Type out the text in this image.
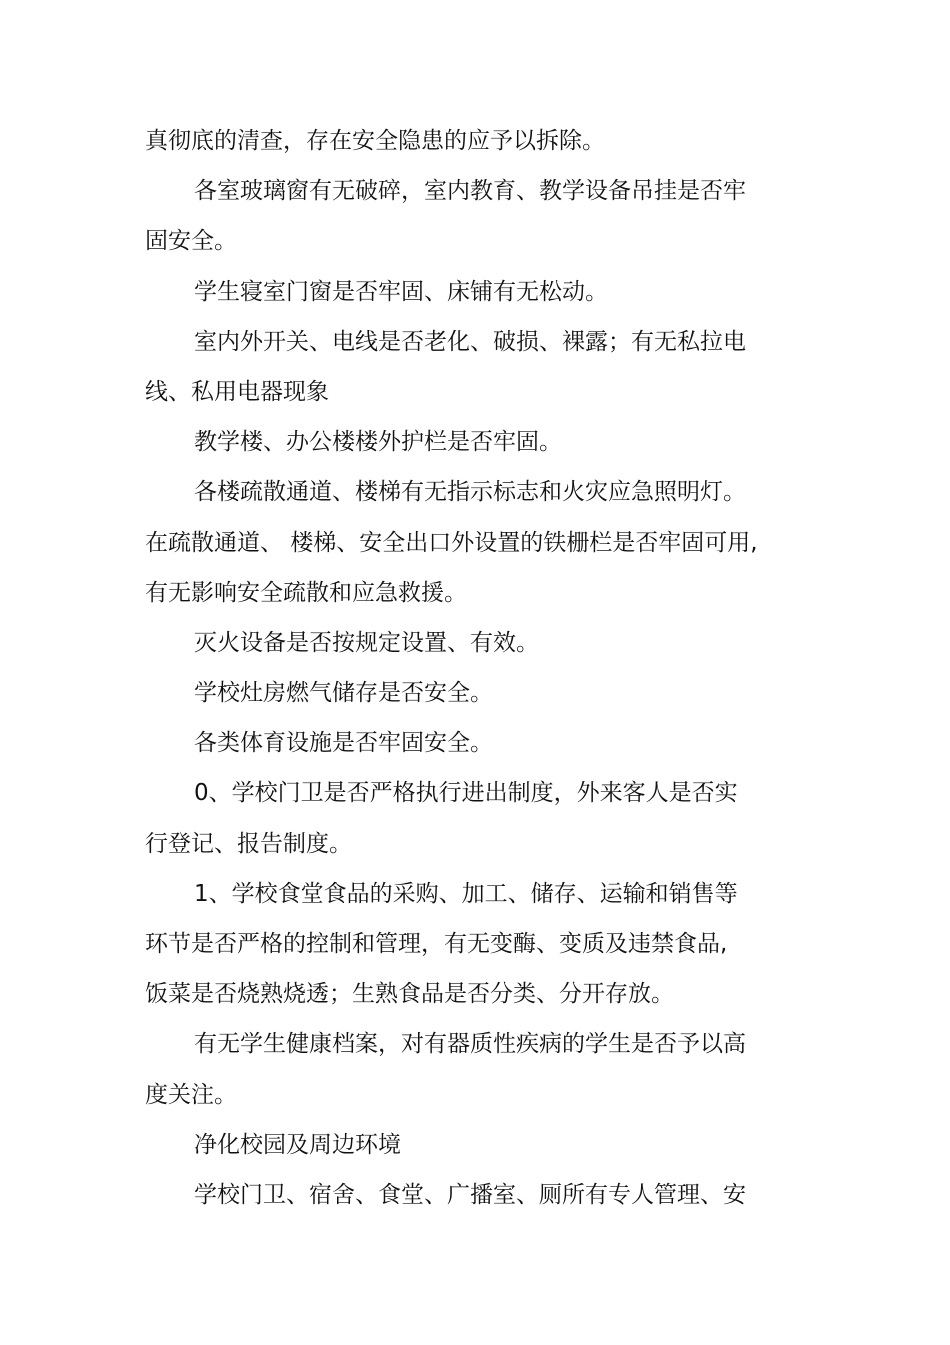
真彻底的清查，存在安全隐患的应予以拆除。
各室玻璃窗有无破碎，室内教育、教学设备吊挂是否牢
固安全。
学生寝室门窗是否牢固、床铺有无松动。
室内外开关、电线是否老化、破损、裸露；有无私拉电
线、私用电器现象
教学楼、办公楼楼外护栏是否牢固。
各楼疏散通道、楼梯有无指示标志和火灾应急照明灯。
在疏散通道、 楼梯、安全出口外设置的铁栅栏是否牢固可用,
有无影响安全疏散和应急救援。
灭火设备是否按规定设置、有效。
学校灶房燃气储存是否安全。
各类体育设施是否牢固安全。
0、学校门卫是否严格执行进出制度，外来客人是否实
行登记、报告制度。
1、学校食堂食品的采购、加工、储存、运输和销售等
环节是否严格的控制和管理，有无变酶、变质及违禁食品,
饭菜是否烧熟烧透；生熟食品是否分类、分开存放。
有无学生健康档案，对有器质性疾病的学生是否予以高
度关注。
净化校园及周边环境
学校门卫、宿舍、食堂、广播室、厕所有专人管理、安
